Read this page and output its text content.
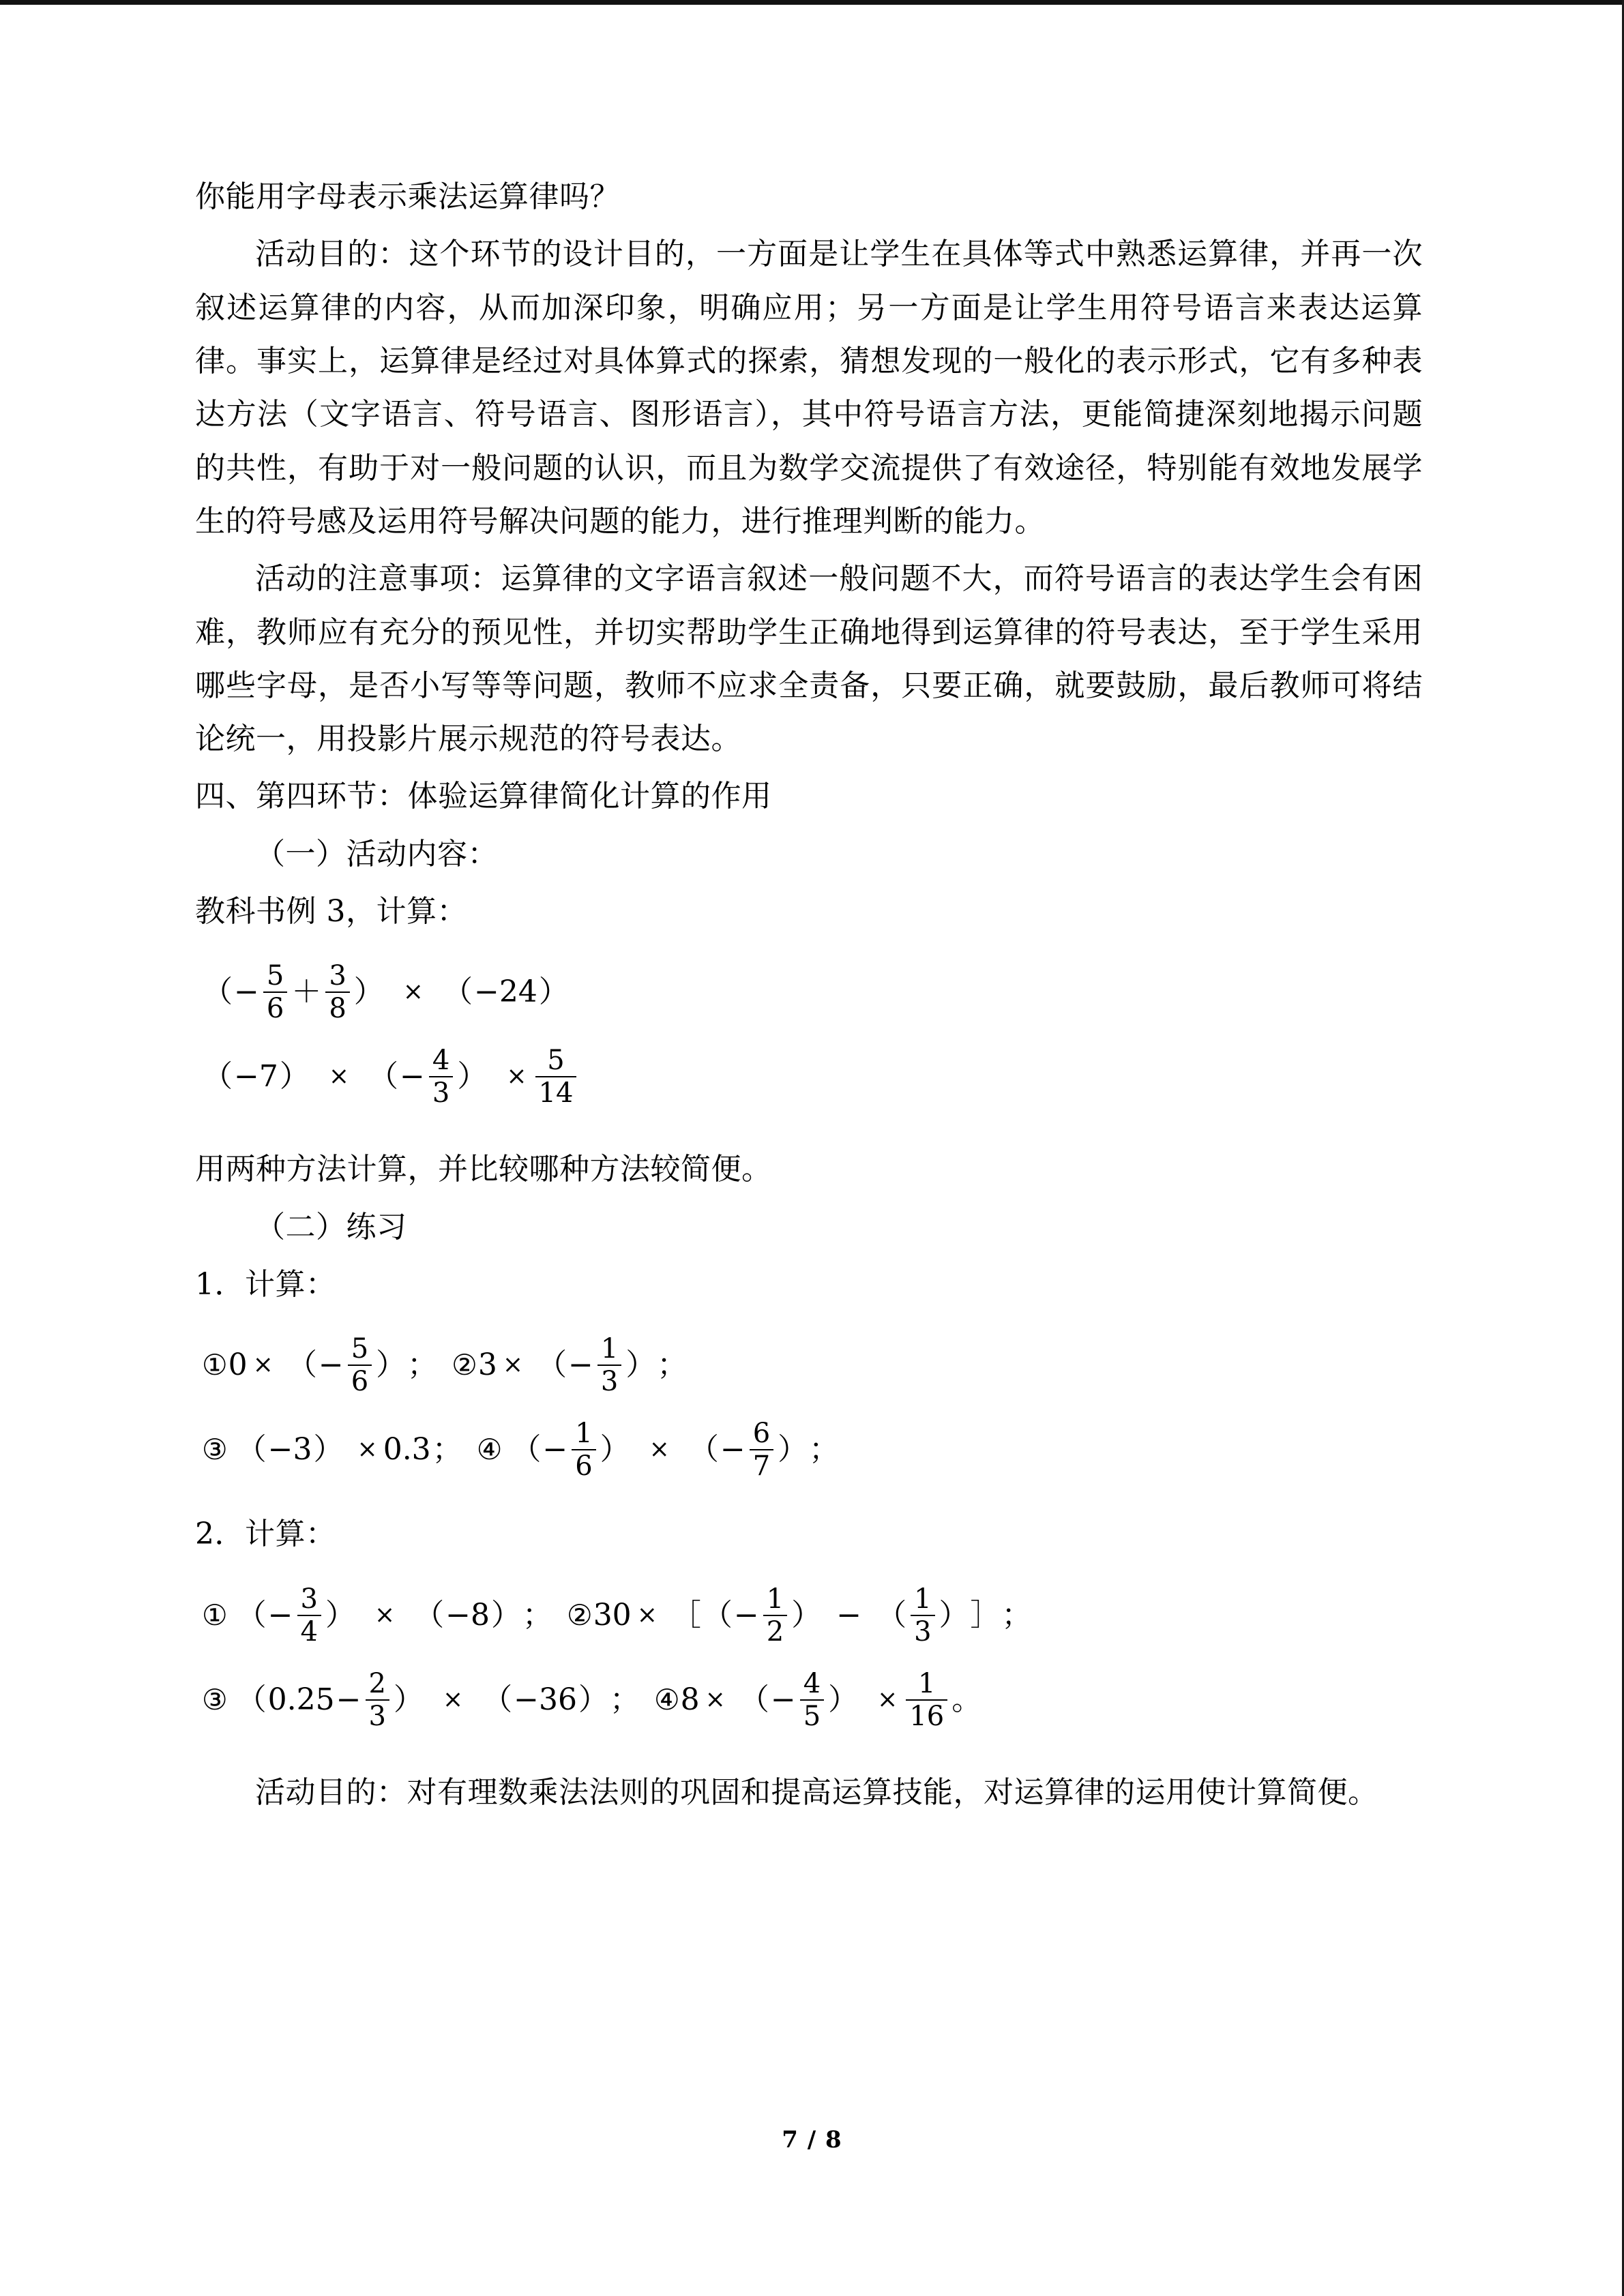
你能用字母表示乘法运算律吗？

活动目的：这个环节的设计目的，一方面是让学生在具体等式中熟悉运算律，并再一次叙述运算律的内容，从而加深印象，明确应用；另一方面是让学生用符号语言来表达运算律。事实上，运算律是经过对具体算式的探索，猜想发现的一般化的表示形式，它有多种表达方法（文字语言、符号语言、图形语言），其中符号语言方法，更能简捷深刻地揭示问题的共性，有助于对一般问题的认识，而且为数学交流提供了有效途径，特别能有效地发展学生的符号感及运用符号解决问题的能力，进行推理判断的能力。

活动的注意事项：运算律的文字语言叙述一般问题不大，而符号语言的表达学生会有困难，教师应有充分的预见性，并切实帮助学生正确地得到运算律的符号表达，至于学生采用哪些字母，是否小写等等问题，教师不应求全责备，只要正确，就要鼓励，最后教师可将结论统一，用投影片展示规范的符号表达。

四、第四环节：体验运算律简化计算的作用

（一）活动内容：

教科书例 3，计算：

（ − $\frac{5}{6} + \frac{3}{8}$ ） × （ −24 ）
（ −7 ） × （ − $\frac{4}{3}$ ） × $\frac{5}{14}$

用两种方法计算，并比较哪种方法较简便。

（二）练习

1．计算：

① 0 × （ − $\frac{5}{6}$ ） ； ② 3 × （ − $\frac{1}{3}$ ） ；
③ （ −3 ） × 0.3 ； ④ （ − $\frac{1}{6}$ ） × （ − $\frac{6}{7}$ ） ；

2．计算：

① （ − $\frac{3}{4}$ ） × （ −8 ） ； ② 30 × ［ （ − $\frac{1}{2}$ ） − （ $\frac{1}{3}$ ） ］ ；
③ （ $0.25 - \frac{2}{3}$ ） × （ −36 ） ； ④ 8 × （ − $\frac{4}{5}$ ） × $\frac{1}{16}$ 。

活动目的：对有理数乘法法则的巩固和提高运算技能，对运算律的运用使计算简便。

7 / 8
